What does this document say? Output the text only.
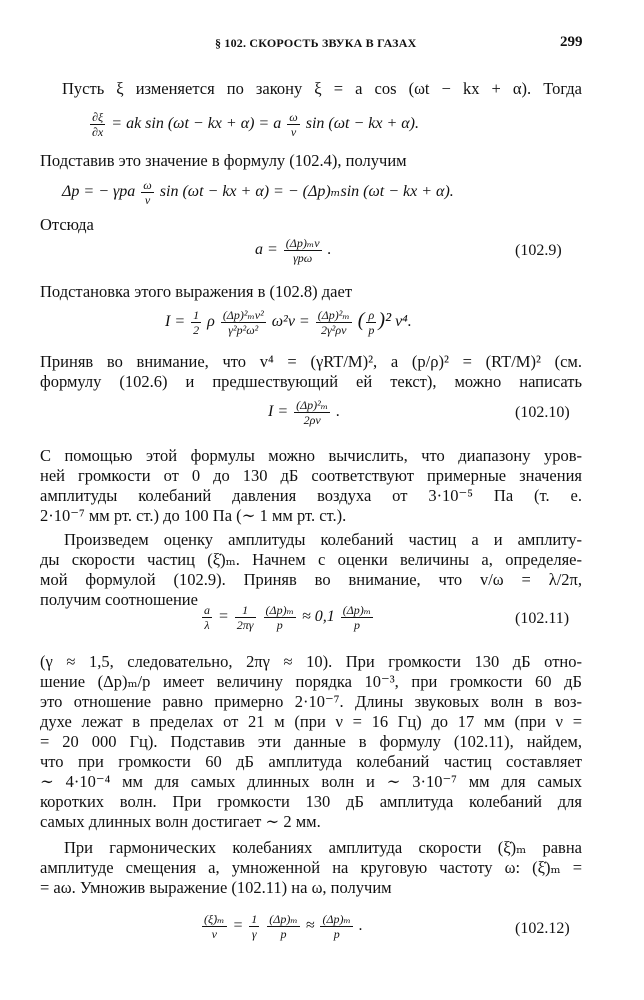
§ 102. СКОРОСТЬ ЗВУКА В ГАЗАХ	299
Пусть ξ изменяется по закону ξ = a cos (ωt − kx + α). Тогда
$\frac{\partial\xi}{\partial x}$ = ak sin (ωt − kx + α) = a $\frac{\omega}{v}$ sin (ωt − kx + α).
Подставив это значение в формулу (102.4), получим
Δp = − γpa $\frac{\omega}{v}$ sin (ωt − kx + α) = − (Δp)ₘsin (ωt − kx + α).
Отсюда
$a = \frac{\text{(Δp)ₘv}}{\text{γpω}}$ .	(102.9)
Подстановка этого выражения в (102.8) дает
$I = \frac{1}{2}$ ρ $\frac{\text{(Δp)²ₘv²}}{\text{γ²p²ω²}} \omega^2v = \frac{\text{(Δp)²ₘ}}{\text{2γ²ρv}}$ ( $\frac{\rho}{p} )^2$ v⁴.
Приняв во внимание, что v⁴ = (γRT/M)², а (p/ρ)² = (RT/M)² (см.
формулу (102.6) и предшествующий ей текст), можно написать
$I = \frac{\text{(Δp)²ₘ}}{2\rho v}$ .	(102.10)
С помощью этой формулы можно вычислить, что диапазону уров-
ней громкости от 0 до 130 дБ соответствуют примерные значения
амплитуды колебаний давления воздуха от 3·10⁻⁵ Па (т. е.
2·10⁻⁷ мм рт. ст.) до 100 Па (∼ 1 мм рт. ст.).
Произведем оценку амплитуды колебаний частиц a и амплиту-
ды скорости частиц (ξ̇)ₘ. Начнем с оценки величины a, определяе-
мой формулой (102.9). Приняв во внимание, что v/ω = λ/2π,
получим соотношение
$\frac{a}{\lambda} = \frac{1}{2\pi\gamma}$
$\frac{\text{(Δp)ₘ}}{p} \approx 0,1 \frac{\text{(Δp)ₘ}}{p}$	(102.11)
(γ ≈ 1,5, следовательно, 2πγ ≈ 10). При громкости 130 дБ отно-
шение (Δp)ₘ/p имеет величину порядка 10⁻³, при громкости 60 дБ
это отношение равно примерно 2·10⁻⁷. Длины звуковых волн в воз-
духе лежат в пределах от 21 м (при ν = 16 Гц) до 17 мм (при ν =
= 20 000 Гц). Подставив эти данные в формулу (102.11), найдем,
что при громкости 60 дБ амплитуда колебаний частиц составляет
∼ 4·10⁻⁴ мм для самых длинных волн и ∼ 3·10⁻⁷ мм для самых
коротких волн. При громкости 130 дБ амплитуда колебаний для
самых длинных волн достигает ∼ 2 мм.
При гармонических колебаниях амплитуда скорости (ξ̇)ₘ равна
амплитуде смещения a, умноженной на круговую частоту ω: (ξ̇)ₘ =
= aω. Умножив выражение (102.11) на ω, получим
$\frac{\text{(ξ̇)ₘ}}{v} = \frac{1}{\gamma}$
$\frac{\text{(Δp)ₘ}}{p} \approx \frac{\text{(Δp)ₘ}}{p}$ .	(102.12)
